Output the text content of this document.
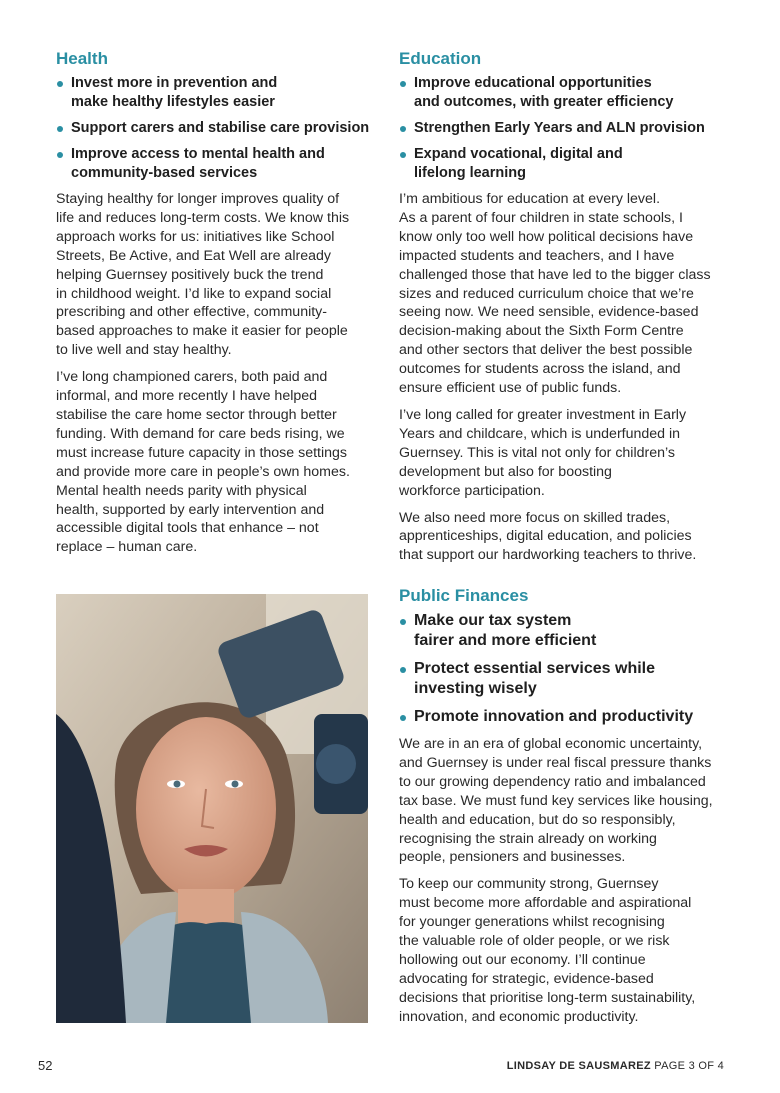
Health
Invest more in prevention and
make healthy lifestyles easier
Support carers and stabilise care provision
Improve access to mental health and
community-based services

Staying healthy for longer improves quality of
life and reduces long-term costs. We know this
approach works for us: initiatives like School
Streets, Be Active, and Eat Well are already
helping Guernsey positively buck the trend
in childhood weight. I’d like to expand social
prescribing and other effective, community-
based approaches to make it easier for people
to live well and stay healthy.

I’ve long championed carers, both paid and
informal, and more recently I have helped
stabilise the care home sector through better
funding. With demand for care beds rising, we
must increase future capacity in those settings
and provide more care in people’s own homes.
Mental health needs parity with physical
health, supported by early intervention and
accessible digital tools that enhance – not
replace – human care.

Education
Improve educational opportunities
and outcomes, with greater efficiency
Strengthen Early Years and ALN provision
Expand vocational, digital and
lifelong learning

I’m ambitious for education at every level.
As a parent of four children in state schools, I
know only too well how political decisions have
impacted students and teachers, and I have
challenged those that have led to the bigger class
sizes and reduced curriculum choice that we’re
seeing now. We need sensible, evidence-based
decision-making about the Sixth Form Centre
and other sectors that deliver the best possible
outcomes for students across the island, and
ensure efficient use of public funds.

I’ve long called for greater investment in Early
Years and childcare, which is underfunded in
Guernsey. This is vital not only for children’s
development but also for boosting
workforce participation.

We also need more focus on skilled trades,
apprenticeships, digital education, and policies
that support our hardworking teachers to thrive.

Public Finances
Make our tax system
fairer and more efficient
Protect essential services while
investing wisely
Promote innovation and productivity

We are in an era of global economic uncertainty,
and Guernsey is under real fiscal pressure thanks
to our growing dependency ratio and imbalanced
tax base. We must fund key services like housing,
health and education, but do so responsibly,
recognising the strain already on working
people, pensioners and businesses.

To keep our community strong, Guernsey
must become more affordable and aspirational
for younger generations whilst recognising
the valuable role of older people, or we risk
hollowing out our economy. I’ll continue
advocating for strategic, evidence-based
decisions that prioritise long-term sustainability,
innovation, and economic productivity.

52	LINDSAY DE SAUSMAREZ PAGE 3 OF 4
